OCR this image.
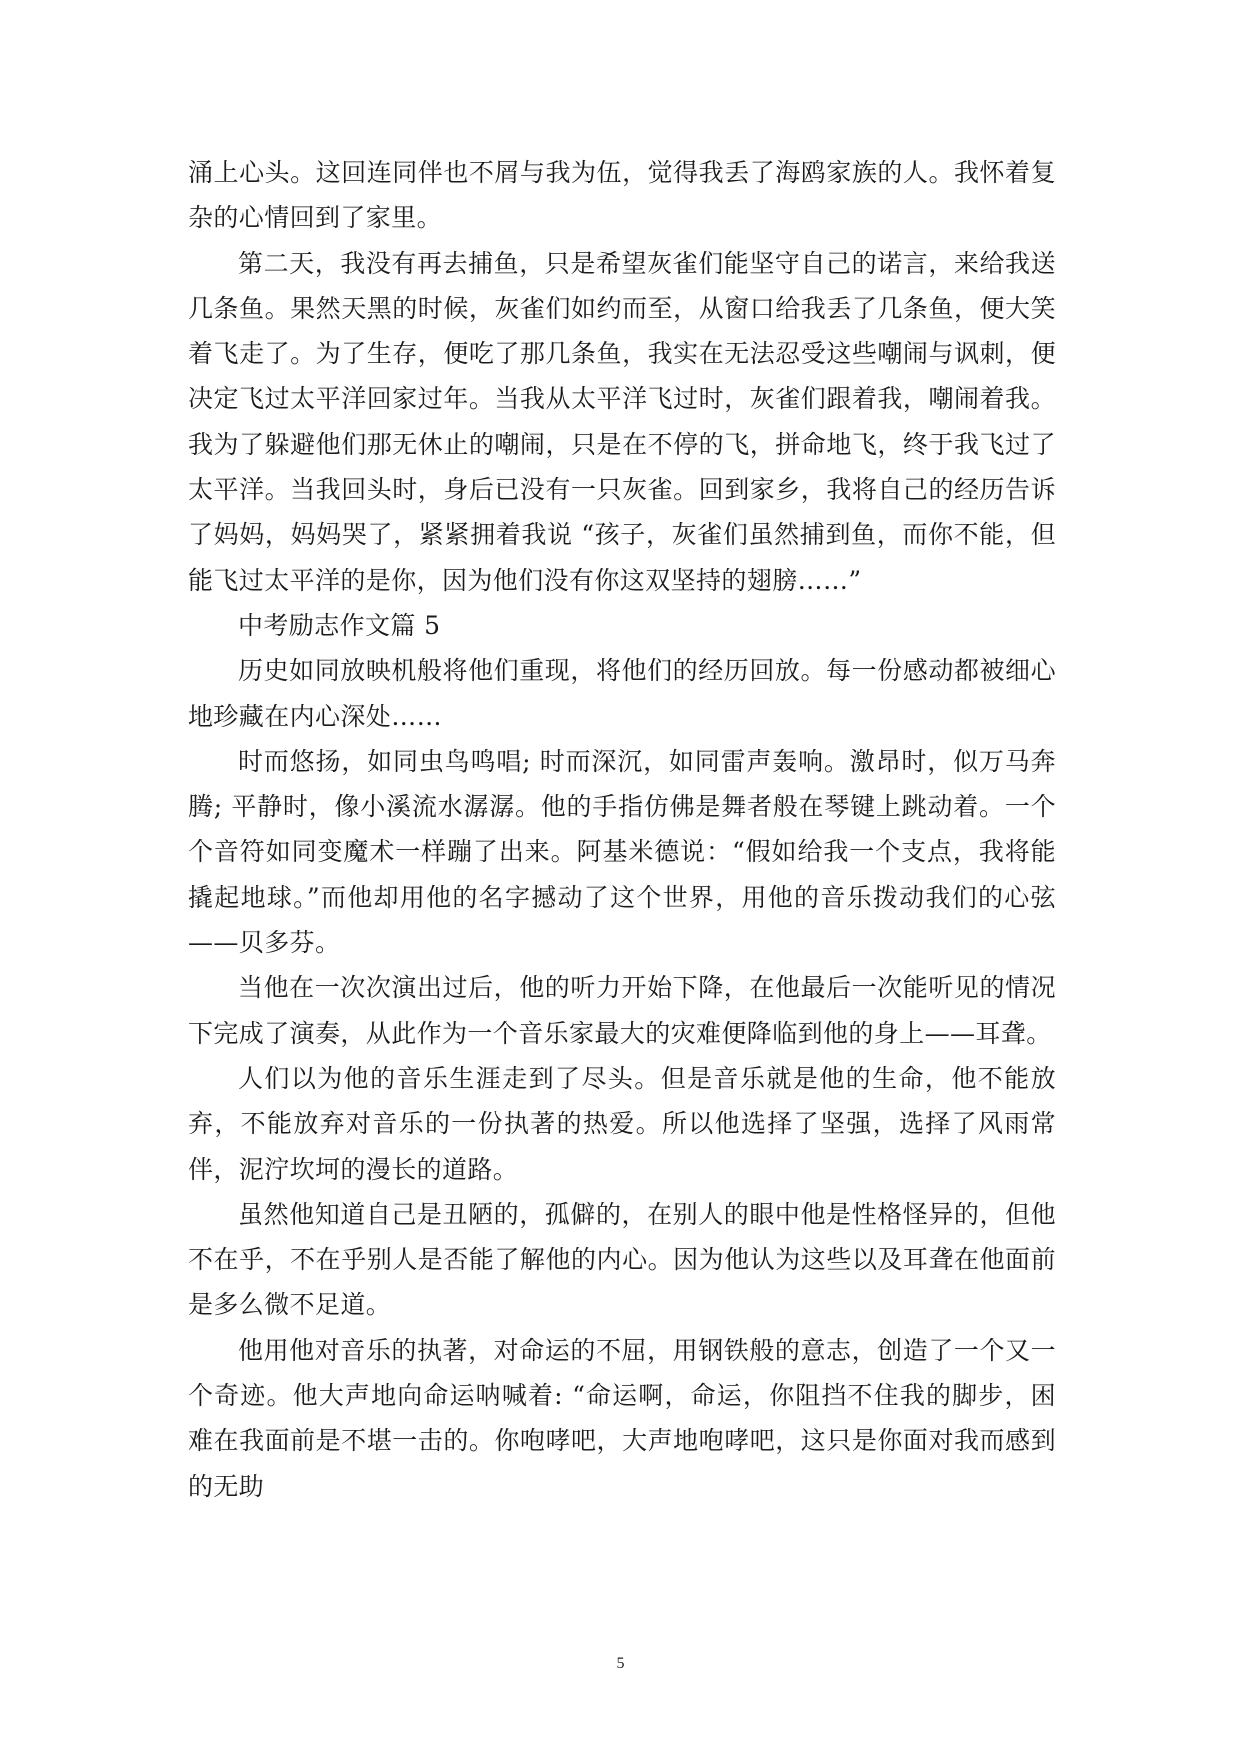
涌上心头。这回连同伴也不屑与我为伍，觉得我丢了海鸥家族的人。我怀着复杂的心情回到了家里。

第二天，我没有再去捕鱼，只是希望灰雀们能坚守自己的诺言，来给我送几条鱼。果然天黑的时候，灰雀们如约而至，从窗口给我丢了几条鱼，便大笑着飞走了。为了生存，便吃了那几条鱼，我实在无法忍受这些嘲闹与讽刺，便决定飞过太平洋回家过年。当我从太平洋飞过时，灰雀们跟着我，嘲闹着我。我为了躲避他们那无休止的嘲闹，只是在不停的飞，拼命地飞，终于我飞过了太平洋。当我回头时，身后已没有一只灰雀。回到家乡，我将自己的经历告诉了妈妈，妈妈哭了，紧紧拥着我说 “孩子，灰雀们虽然捕到鱼，而你不能，但能飞过太平洋的是你，因为他们没有你这双坚持的翅膀……”

中考励志作文篇 5

历史如同放映机般将他们重现，将他们的经历回放。每一份感动都被细心地珍藏在内心深处……

时而悠扬，如同虫鸟鸣唱; 时而深沉，如同雷声轰响。激昂时，似万马奔腾; 平静时，像小溪流水潺潺。他的手指仿佛是舞者般在琴键上跳动着。一个个音符如同变魔术一样蹦了出来。阿基米德说：“假如给我一个支点，我将能撬起地球。”而他却用他的名字撼动了这个世界，用他的音乐拨动我们的心弦——贝多芬。

当他在一次次演出过后，他的听力开始下降，在他最后一次能听见的情况下完成了演奏，从此作为一个音乐家最大的灾难便降临到他的身上——耳聋。

人们以为他的音乐生涯走到了尽头。但是音乐就是他的生命，他不能放弃，不能放弃对音乐的一份执著的热爱。所以他选择了坚强，选择了风雨常伴，泥泞坎坷的漫长的道路。

虽然他知道自己是丑陋的，孤僻的，在别人的眼中他是性格怪异的，但他不在乎，不在乎别人是否能了解他的内心。因为他认为这些以及耳聋在他面前是多么微不足道。

他用他对音乐的执著，对命运的不屈，用钢铁般的意志，创造了一个又一个奇迹。他大声地向命运呐喊着: “命运啊，命运，你阻挡不住我的脚步，困难在我面前是不堪一击的。你咆哮吧，大声地咆哮吧，这只是你面对我而感到的无助

5
